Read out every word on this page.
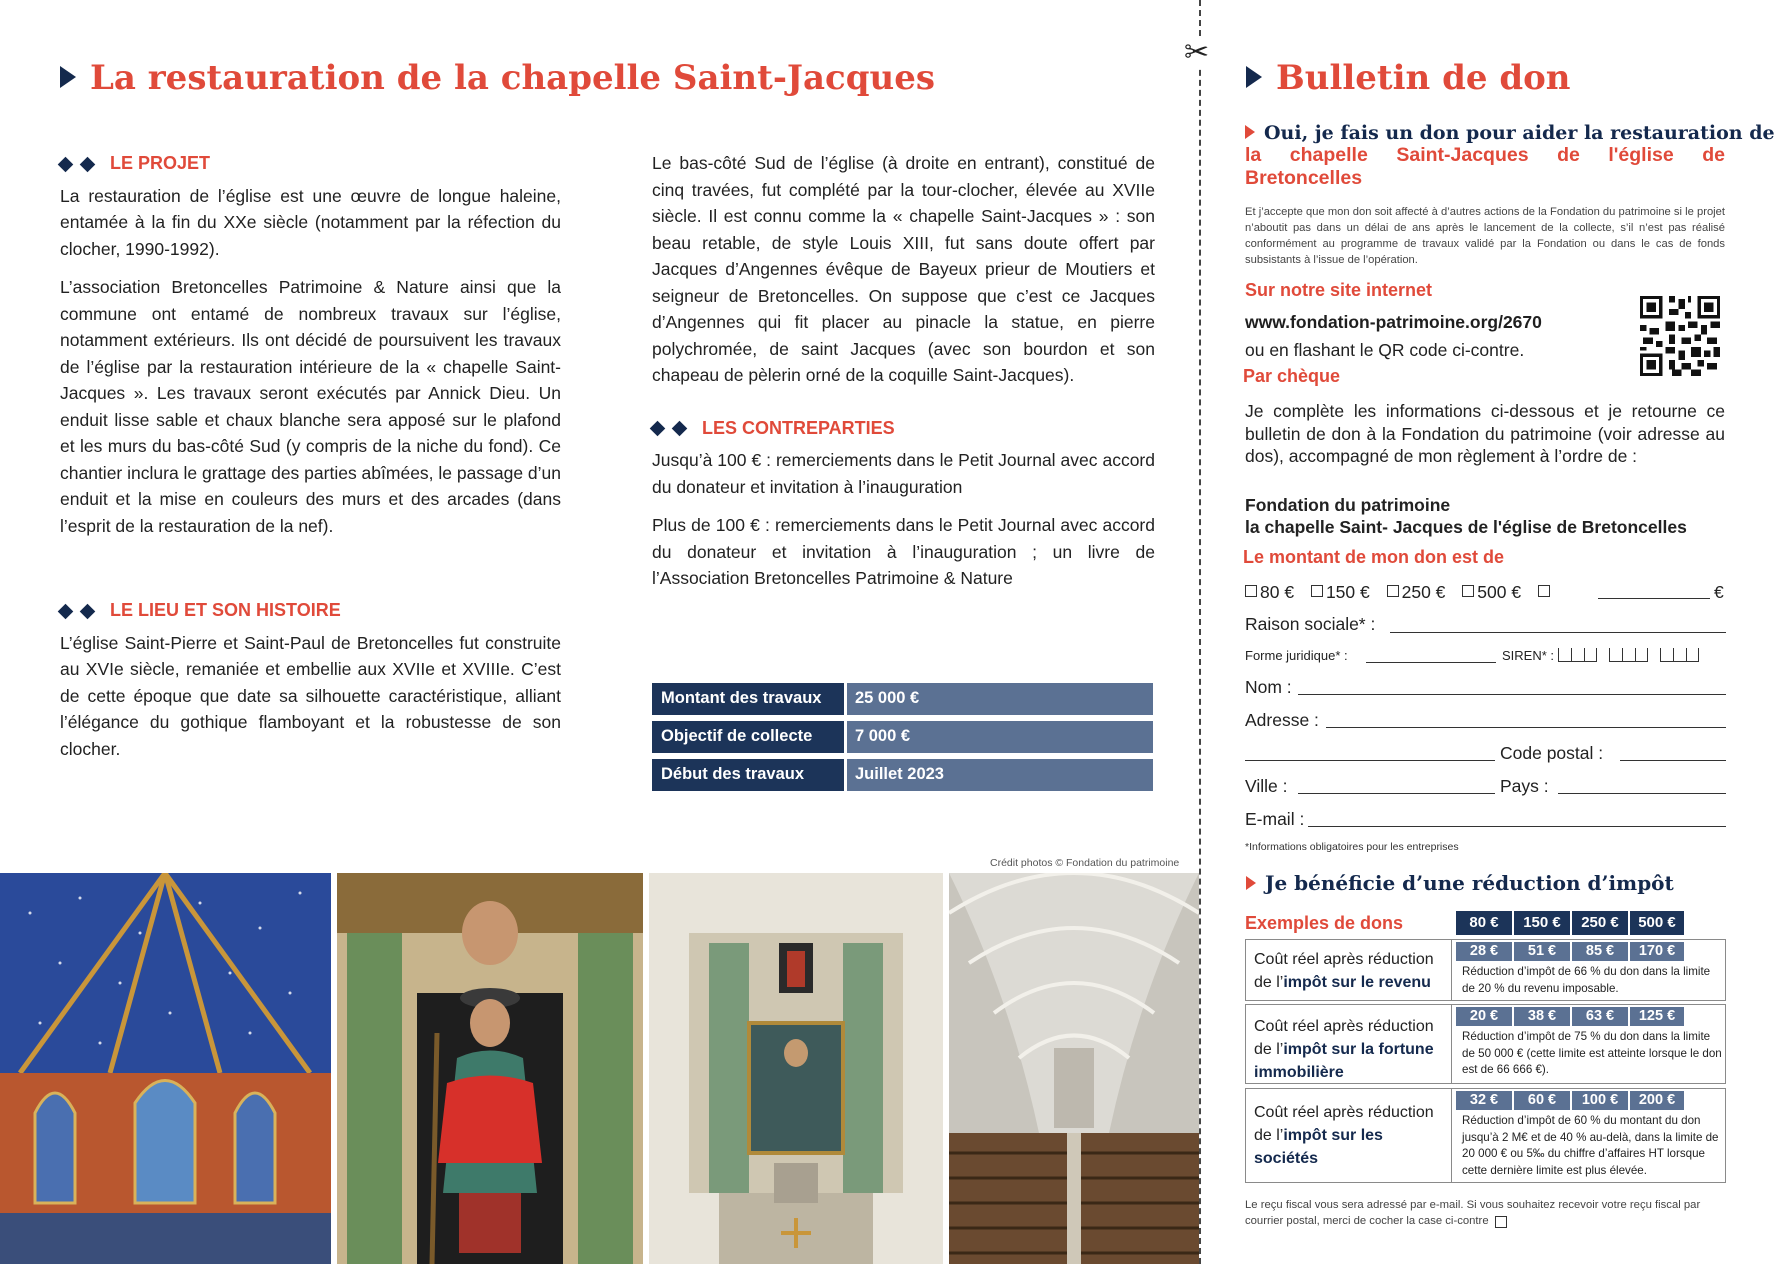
La restauration de la chapelle Saint-Jacques
LE PROJET

La restauration de l’église est une œuvre de longue haleine, entamée à la fin du XXe siècle (notamment par la réfection du clocher, 1990-1992).

L’association Bretoncelles Patrimoine & Nature ainsi que la commune ont entamé de nombreux travaux sur l’église, notamment extérieurs. Ils ont décidé de poursuivent les travaux de l’église par la restauration intérieure de la « chapelle Saint-Jacques ». Les travaux seront exécutés par Annick Dieu. Un enduit lisse sable et chaux blanche sera apposé sur le plafond et les murs du bas-côté Sud (y compris de la niche du fond). Ce chantier inclura le grattage des parties abîmées, le passage d’un enduit et la mise en couleurs des murs et des arcades (dans l’esprit de la restauration de la nef).

LE LIEU ET SON HISTOIRE

L’église Saint-Pierre et Saint-Paul de Bretoncelles fut construite au XVIe siècle, remaniée et embellie aux XVIIe et XVIIIe. C’est de cette époque que date sa silhouette caractéristique, alliant l’élégance du gothique flamboyant et la robustesse de son clocher.

Le bas-côté Sud de l’église (à droite en entrant), constitué de cinq travées, fut complété par la tour-clocher, élevée au XVIIe siècle. Il est connu comme la « chapelle Saint-Jacques » : son beau retable, de style Louis XIII, fut sans doute offert par Jacques d’Angennes évêque de Bayeux prieur de Moutiers et seigneur de Bretoncelles. On suppose que c’est ce Jacques d’Angennes qui fit placer au pinacle la statue, en pierre polychromée, de saint Jacques (avec son bourdon et son chapeau de pèlerin orné de la coquille Saint-Jacques).

LES CONTREPARTIES

Jusqu’à 100 € : remerciements dans le Petit Journal avec accord du donateur et invitation à l’inauguration

Plus de 100 € : remerciements dans le Petit Journal avec accord du donateur et invitation à l’inauguration ; un livre de l’Association Bretoncelles Patrimoine & Nature

Montant des travaux	25 000 €
Objectif de collecte	7 000 €
Début des travaux	Juillet 2023
Crédit photos © Fondation du patrimoine
✂
Bulletin de don
Oui, je fais un don pour aider la restauration de
la chapelle Saint-Jacques de l'église de Bretoncelles
Et j’accepte que mon don soit affecté à d’autres actions de la Fondation du patrimoine si le projet n’aboutit pas dans un délai de ans après le lancement de la collecte, s’il n’est pas réalisé conformément au programme de travaux validé par la Fondation ou dans le cas de fonds subsistants à l’issue de l’opération.
Sur notre site internet
www.fondation-patrimoine.org/2670
ou en flashant le QR code ci-contre.
Par chèque
Je complète les informations ci-dessous et je retourne ce bulletin de don à la Fondation du patrimoine (voir adresse au dos), accompagné de mon règlement à l’ordre de :
Fondation du patrimoine
la chapelle Saint- Jacques de l'église de Bretoncelles
Le montant de mon don est de
80 € 150 € 250 € 500 €	€
Raison sociale* :
Forme juridique* :	SIREN* :
Nom :
Adresse :
Code postal :
Ville :	Pays :
E-mail :
*Informations obligatoires pour les entreprises
Je bénéficie d’une réduction d’impôt
Exemples de dons	80 €	150 €	250 €	500 €
Coût réel après réduction de l’impôt sur le revenu
28 €	51 €	85 €	170 €
Réduction d’impôt de 66 % du don dans la limite de 20 % du revenu imposable.
Coût réel après réduction de l’impôt sur la fortune immobilière
20 €	38 €	63 €	125 €
Réduction d’impôt de 75 % du don dans la limite de 50 000 € (cette limite est atteinte lorsque le don est de 66 666 €).
Coût réel après réduction de l’impôt sur les sociétés
32 €	60 €	100 €	200 €
Réduction d’impôt de 60 % du montant du don jusqu’à 2 M€ et de 40 % au-delà, dans la limite de 20 000 € ou 5‰ du chiffre d’affaires HT lorsque cette dernière limite est plus élevée.
Le reçu fiscal vous sera adressé par e-mail. Si vous souhaitez recevoir votre reçu fiscal par courrier postal, merci de cocher la case ci-contre
